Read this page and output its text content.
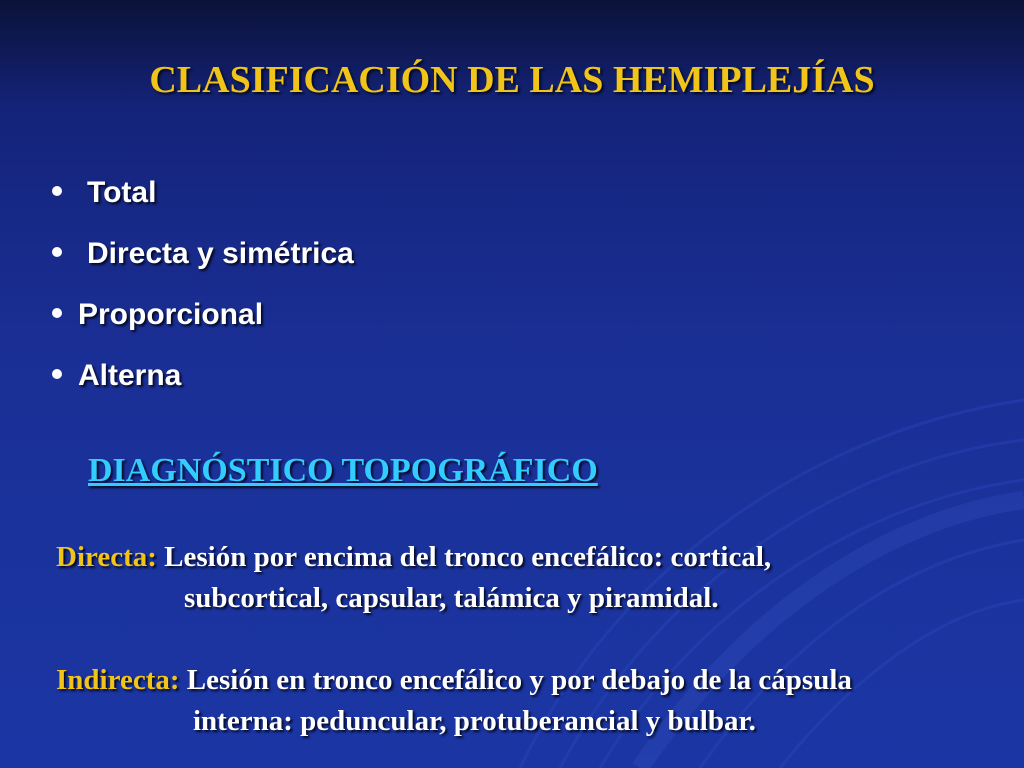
CLASIFICACIÓN DE LAS HEMIPLEJÍAS
Total
Directa y simétrica
Proporcional
Alterna
DIAGNÓSTICO TOPOGRÁFICO

Directa: Lesión por encima del tronco encefálico: cortical,
subcortical, capsular, talámica y piramidal.

Indirecta: Lesión en tronco encefálico y por debajo de la cápsula
interna: peduncular, protuberancial y bulbar.
